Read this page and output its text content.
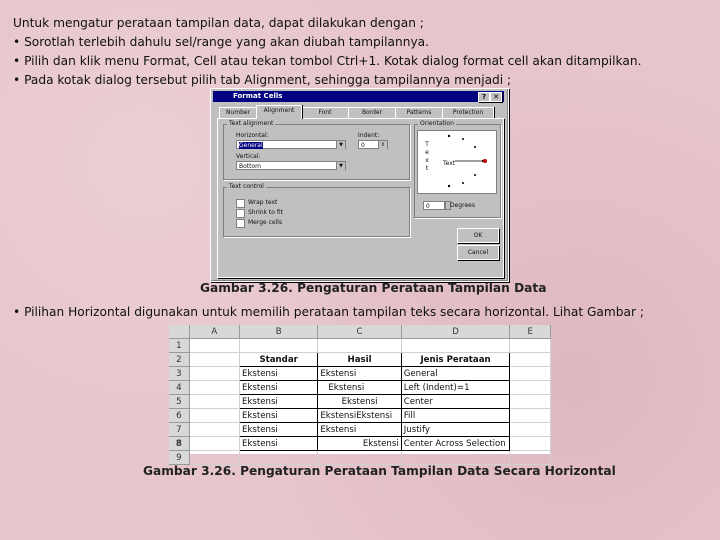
Untuk mengatur perataan tampilan data, dapat dilakukan dengan ;
• Sorotlah terlebih dahulu sel/range yang akan diubah tampilannya.
• Pilih dan klik menu Format, Cell atau tekan tombol Ctrl+1. Kotak dialog format cell akan ditampilkan.
• Pada kotak dialog tersebut pilih tab Alignment, sehingga tampilannya menjadi ;
Format Cells	?	✕
Number	Alignment	Font	Border	Patterns	Protection
Text alignment
Horizontal:
General	▼
Indent:
0	⇕
Vertical:
Bottom	▼
Text control
Wrap text
Shrink to fit
Merge cells
Orientation
T e x t
Text
0	Degrees
OK
Cancel
Gambar 3.26. Pengaturan Perataan Tampilan Data
• Pilihan Horizontal digunakan untuk memilih perataan tampilan teks secara horizontal. Lihat Gambar ;
	A	B	C	D	E
1					
2		Standar	Hasil	Jenis Perataan	
3		Ekstensi	Ekstensi	General	
4		Ekstensi	Ekstensi	Left (Indent)=1	
5		Ekstensi	Ekstensi	Center	
6		Ekstensi	EkstensiEkstensi	Fill	
7		Ekstensi	Ekstensi	Justify	
8		Ekstensi	Ekstensi	Center Across Selection	
9					
Gambar 3.26. Pengaturan Perataan Tampilan Data Secara Horizontal
